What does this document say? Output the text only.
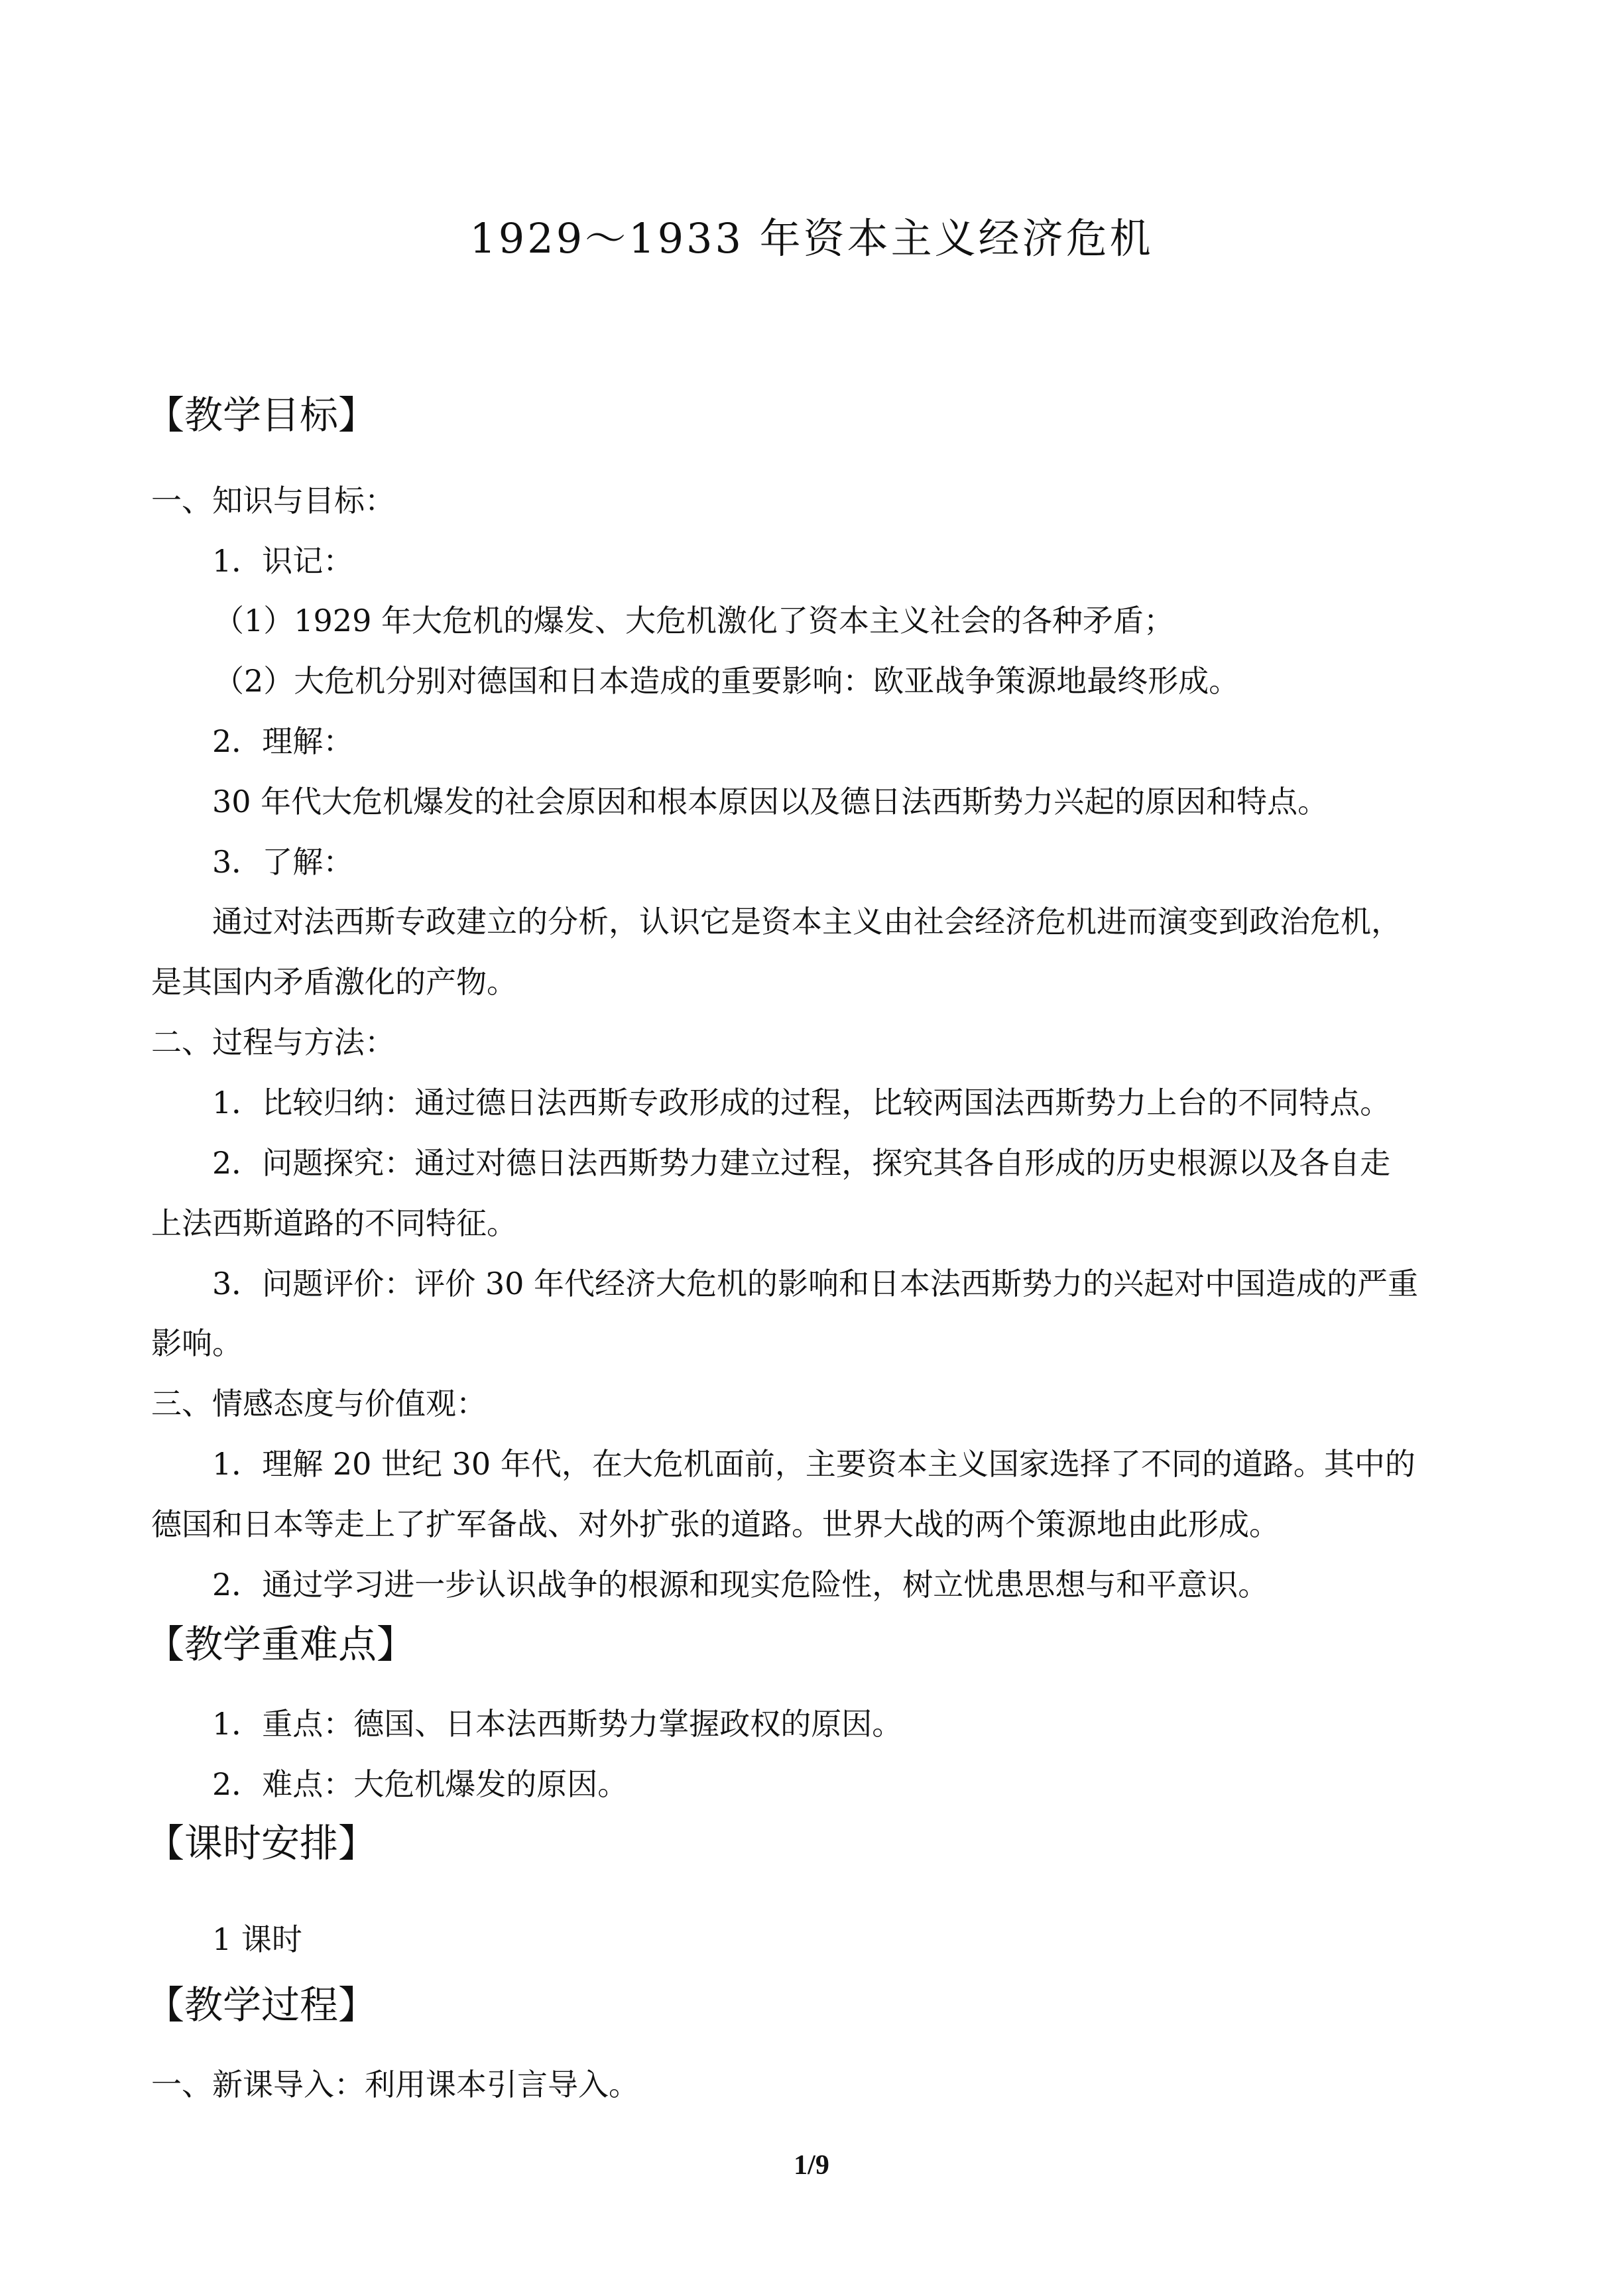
1929～1933 年资本主义经济危机
【教学目标】
一、知识与目标：
1．识记：
（1）1929 年大危机的爆发、大危机激化了资本主义社会的各种矛盾；
（2）大危机分别对德国和日本造成的重要影响：欧亚战争策源地最终形成。
2．理解：
30 年代大危机爆发的社会原因和根本原因以及德日法西斯势力兴起的原因和特点。
3．了解：
通过对法西斯专政建立的分析，认识它是资本主义由社会经济危机进而演变到政治危机，
是其国内矛盾激化的产物。
二、过程与方法：
1．比较归纳：通过德日法西斯专政形成的过程，比较两国法西斯势力上台的不同特点。
2．问题探究：通过对德日法西斯势力建立过程，探究其各自形成的历史根源以及各自走
上法西斯道路的不同特征。
3．问题评价：评价 30 年代经济大危机的影响和日本法西斯势力的兴起对中国造成的严重
影响。
三、情感态度与价值观：
1．理解 20 世纪 30 年代，在大危机面前，主要资本主义国家选择了不同的道路。其中的
德国和日本等走上了扩军备战、对外扩张的道路。世界大战的两个策源地由此形成。
2．通过学习进一步认识战争的根源和现实危险性，树立忧患思想与和平意识。
【教学重难点】
1．重点：德国、日本法西斯势力掌握政权的原因。
2．难点：大危机爆发的原因。
【课时安排】
1 课时
【教学过程】
一、新课导入：利用课本引言导入。
1/9
